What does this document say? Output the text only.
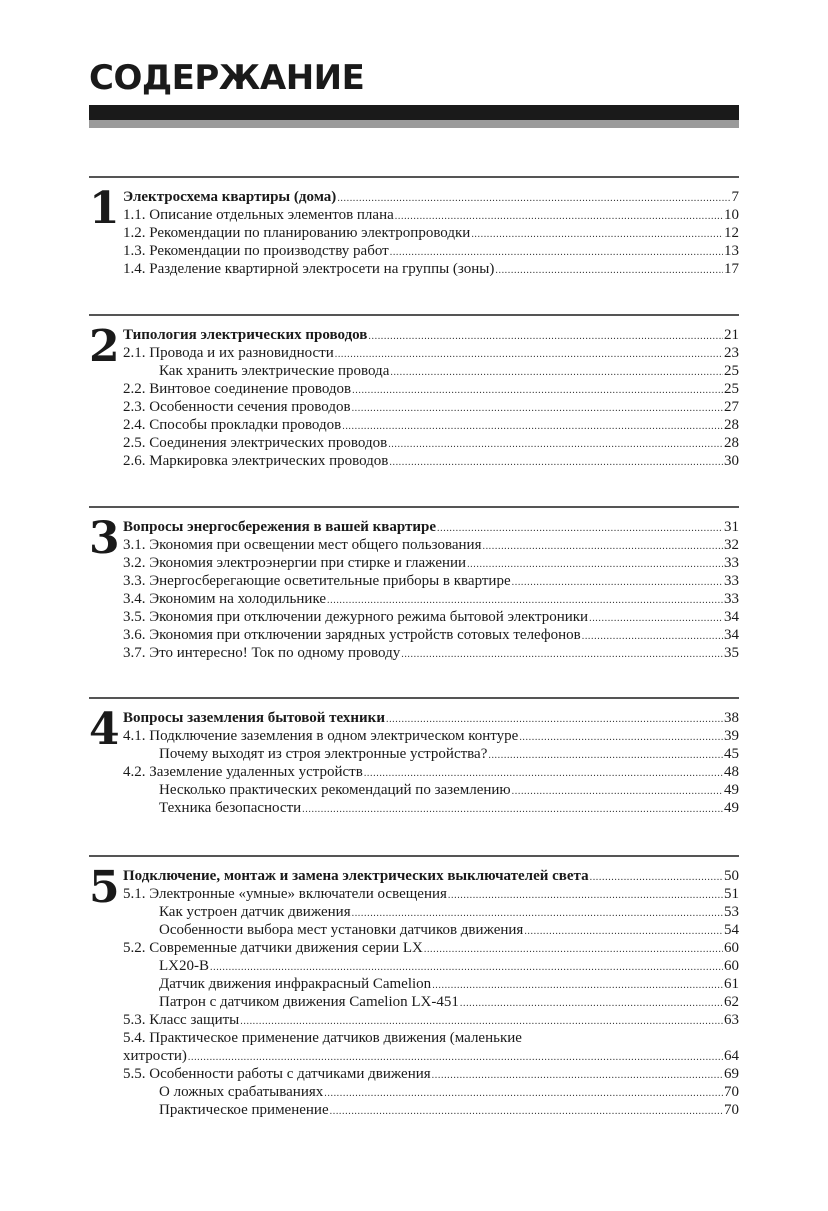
СОДЕРЖАНИЕ
1 Электросхема квартиры (дома) .....	7
1.1. Описание отдельных элементов плана .....	10
1.2. Рекомендации по планированию электропроводки .....	12
1.3. Рекомендации по производству работ .....	13
1.4. Разделение квартирной электросети на группы (зоны) .....	17
2 Типология электрических проводов .....	21
2.1. Провода и их разновидности .....	23
Как хранить электрические провода .....	25
2.2. Винтовое соединение проводов .....	25
2.3. Особенности сечения проводов .....	27
2.4. Способы прокладки проводов .....	28
2.5. Соединения электрических проводов .....	28
2.6. Маркировка электрических проводов .....	30
3 Вопросы энергосбережения в вашей квартире .....	31
3.1. Экономия при освещении мест общего пользования .....	32
3.2. Экономия электроэнергии при стирке и глажении .....	33
3.3. Энергосберегающие осветительные приборы в квартире .....	33
3.4. Экономим на холодильнике .....	33
3.5. Экономия при отключении дежурного режима бытовой электроники .....	34
3.6. Экономия при отключении зарядных устройств сотовых телефонов .....	34
3.7. Это интересно! Ток по одному проводу .....	35
4 Вопросы заземления бытовой техники .....	38
4.1. Подключение заземления в одном электрическом контуре .....	39
Почему выходят из строя электронные устройства? .....	45
4.2. Заземление удаленных устройств .....	48
Несколько практических рекомендаций по заземлению .....	49
Техника безопасности .....	49
5 Подключение, монтаж и замена электрических выключателей света .....	50
5.1. Электронные «умные» включатели освещения .....	51
Как устроен датчик движения .....	53
Особенности выбора мест установки датчиков движения .....	54
5.2. Современные датчики движения серии LX .....	60
LX20-B .....	60
Датчик движения инфракрасный Camelion .....	61
Патрон с датчиком движения Camelion LX-451 .....	62
5.3. Класс защиты .....	63
5.4. Практическое применение датчиков движения (маленькие
хитрости) .....	64
5.5. Особенности работы с датчиками движения .....	69
О ложных срабатываниях .....	70
Практическое применение .....	70
